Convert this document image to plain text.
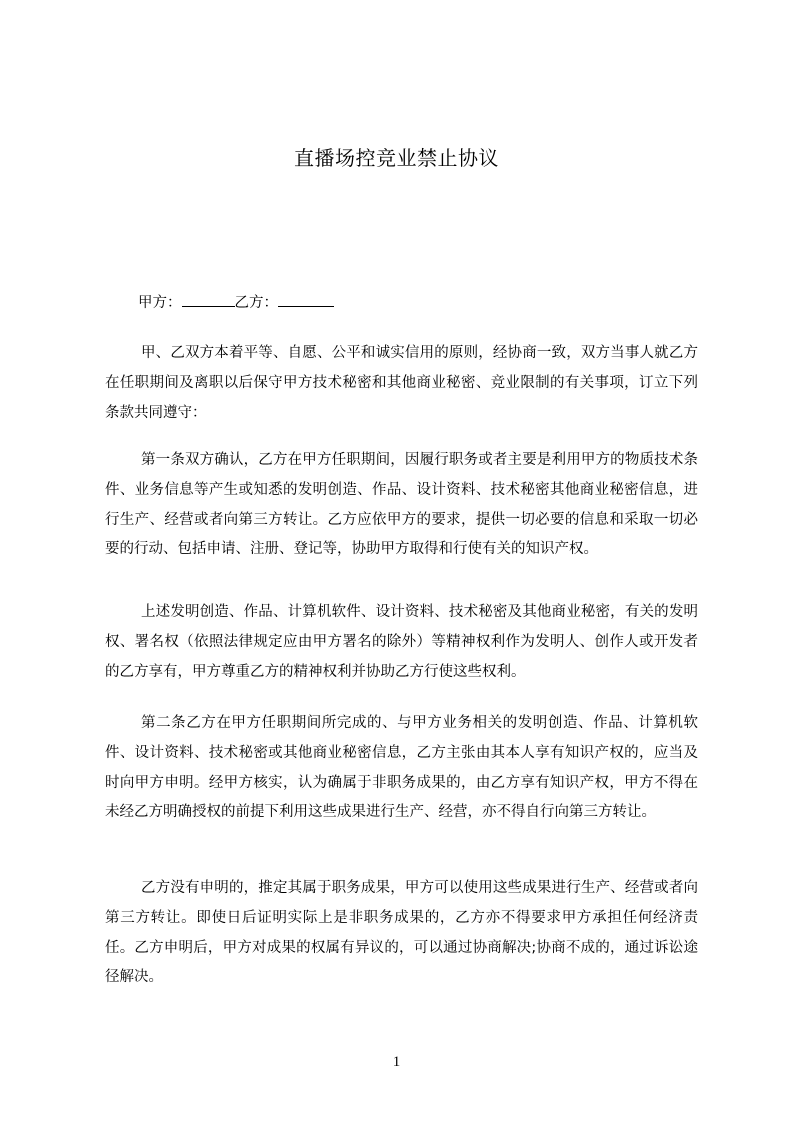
直播场控竞业禁止协议

甲方：	乙方：

甲、乙双方本着平等、自愿、公平和诚实信用的原则，经协商一致，双方当事人就乙方在任职期间及离职以后保守甲方技术秘密和其他商业秘密、竞业限制的有关事项，订立下列条款共同遵守：

第一条双方确认，乙方在甲方任职期间，因履行职务或者主要是利用甲方的物质技术条件、业务信息等产生或知悉的发明创造、作品、设计资料、技术秘密其他商业秘密信息，进行生产、经营或者向第三方转让。乙方应依甲方的要求，提供一切必要的信息和采取一切必要的行动、包括申请、注册、登记等，协助甲方取得和行使有关的知识产权。

上述发明创造、作品、计算机软件、设计资料、技术秘密及其他商业秘密，有关的发明权、署名权（依照法律规定应由甲方署名的除外）等精神权利作为发明人、创作人或开发者的乙方享有，甲方尊重乙方的精神权利并协助乙方行使这些权利。

第二条乙方在甲方任职期间所完成的、与甲方业务相关的发明创造、作品、计算机软件、设计资料、技术秘密或其他商业秘密信息，乙方主张由其本人享有知识产权的，应当及时向甲方申明。经甲方核实，认为确属于非职务成果的，由乙方享有知识产权，甲方不得在未经乙方明确授权的前提下利用这些成果进行生产、经营，亦不得自行向第三方转让。

乙方没有申明的，推定其属于职务成果，甲方可以使用这些成果进行生产、经营或者向第三方转让。即使日后证明实际上是非职务成果的，乙方亦不得要求甲方承担任何经济责任。乙方申明后，甲方对成果的权属有异议的，可以通过协商解决;协商不成的，通过诉讼途径解决。

1
